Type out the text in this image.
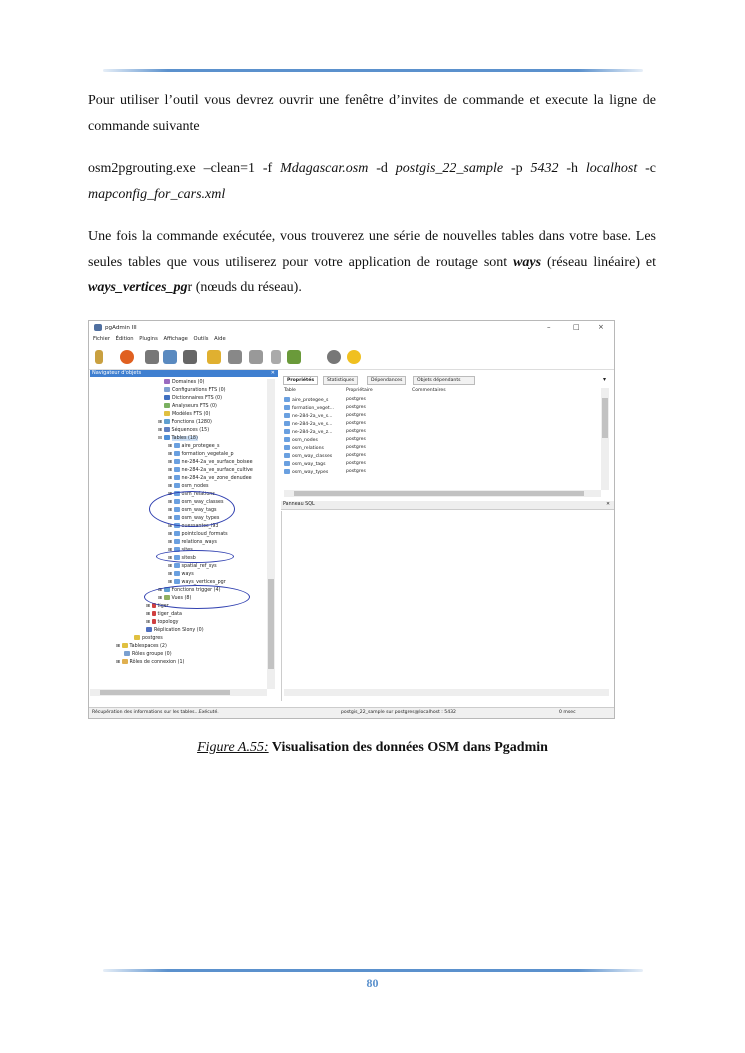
Pour utiliser l’outil vous devrez ouvrir une fenêtre d’invites de commande et execute la ligne de commande suivante

osm2pgrouting.exe –clean=1 -f Mdagascar.osm -d postgis_22_sample -p 5432 -h localhost -c mapconfig_for_cars.xml

Une fois la commande exécutée, vous trouverez une série de nouvelles tables dans votre base. Les seules tables que vous utiliserez pour votre application de routage sont ways (réseau linéaire) et ways_vertices_pgr (nœuds du réseau).

pgAdmin III	–	□	×
Fichier Édition Plugins Affichage Outils Aide
Navigateur d'objets	✕
Domaines (0)
Configurations FTS (0)
Dictionnaires FTS (0)
Analyseurs FTS (0)
Modèles FTS (0)
⊞ Fonctions (1280)
⊞ Séquences (15)
⊟ Tables (18)
⊞ aire_protegee_s
⊞ formation_vegetale_p
⊞ ne-284-2a_ve_surface_boisee
⊞ ne-284-2a_ve_surface_cultive
⊞ ne-284-2a_ve_zone_denudee
⊞ osm_nodes
⊞ osm_relations
⊞ osm_way_classes
⊞ osm_way_tags
⊞ osm_way_types
⊞ ouessantcc_l93
⊞ pointcloud_formats
⊞ relations_ways
⊞ sites
⊞ sitesb
⊞ spatial_ref_sys
⊞ ways
⊞ ways_vertices_pgr
⊞ Fonctions trigger (4)
⊞ Vues (8)
⊞ tiger
⊞ tiger_data
⊞ topology
Réplication Slony (0)
postgres
⊞ Tablespaces (2)
Rôles groupe (0)
⊞ Rôles de connexion (1)
Propriétés	Statistiques	Dépendances	Objets dépendants	▾
Table	Propriétaire	Commentaires
aire_protegee_s	postgres
formation_veget...	postgres
ne-284-2a_ve_s...	postgres
ne-284-2a_ve_s...	postgres
ne-284-2a_ve_z...	postgres
osm_nodes	postgres
osm_relations	postgres
osm_way_classes	postgres
osm_way_tags	postgres
osm_way_types	postgres
Panneau SQL	✕
Récupération des informations sur les tables...Exécuté.	postgis_22_sample sur postgres@localhost : 5432	0 msec
Figure A.55: Visualisation des données OSM dans Pgadmin
80
